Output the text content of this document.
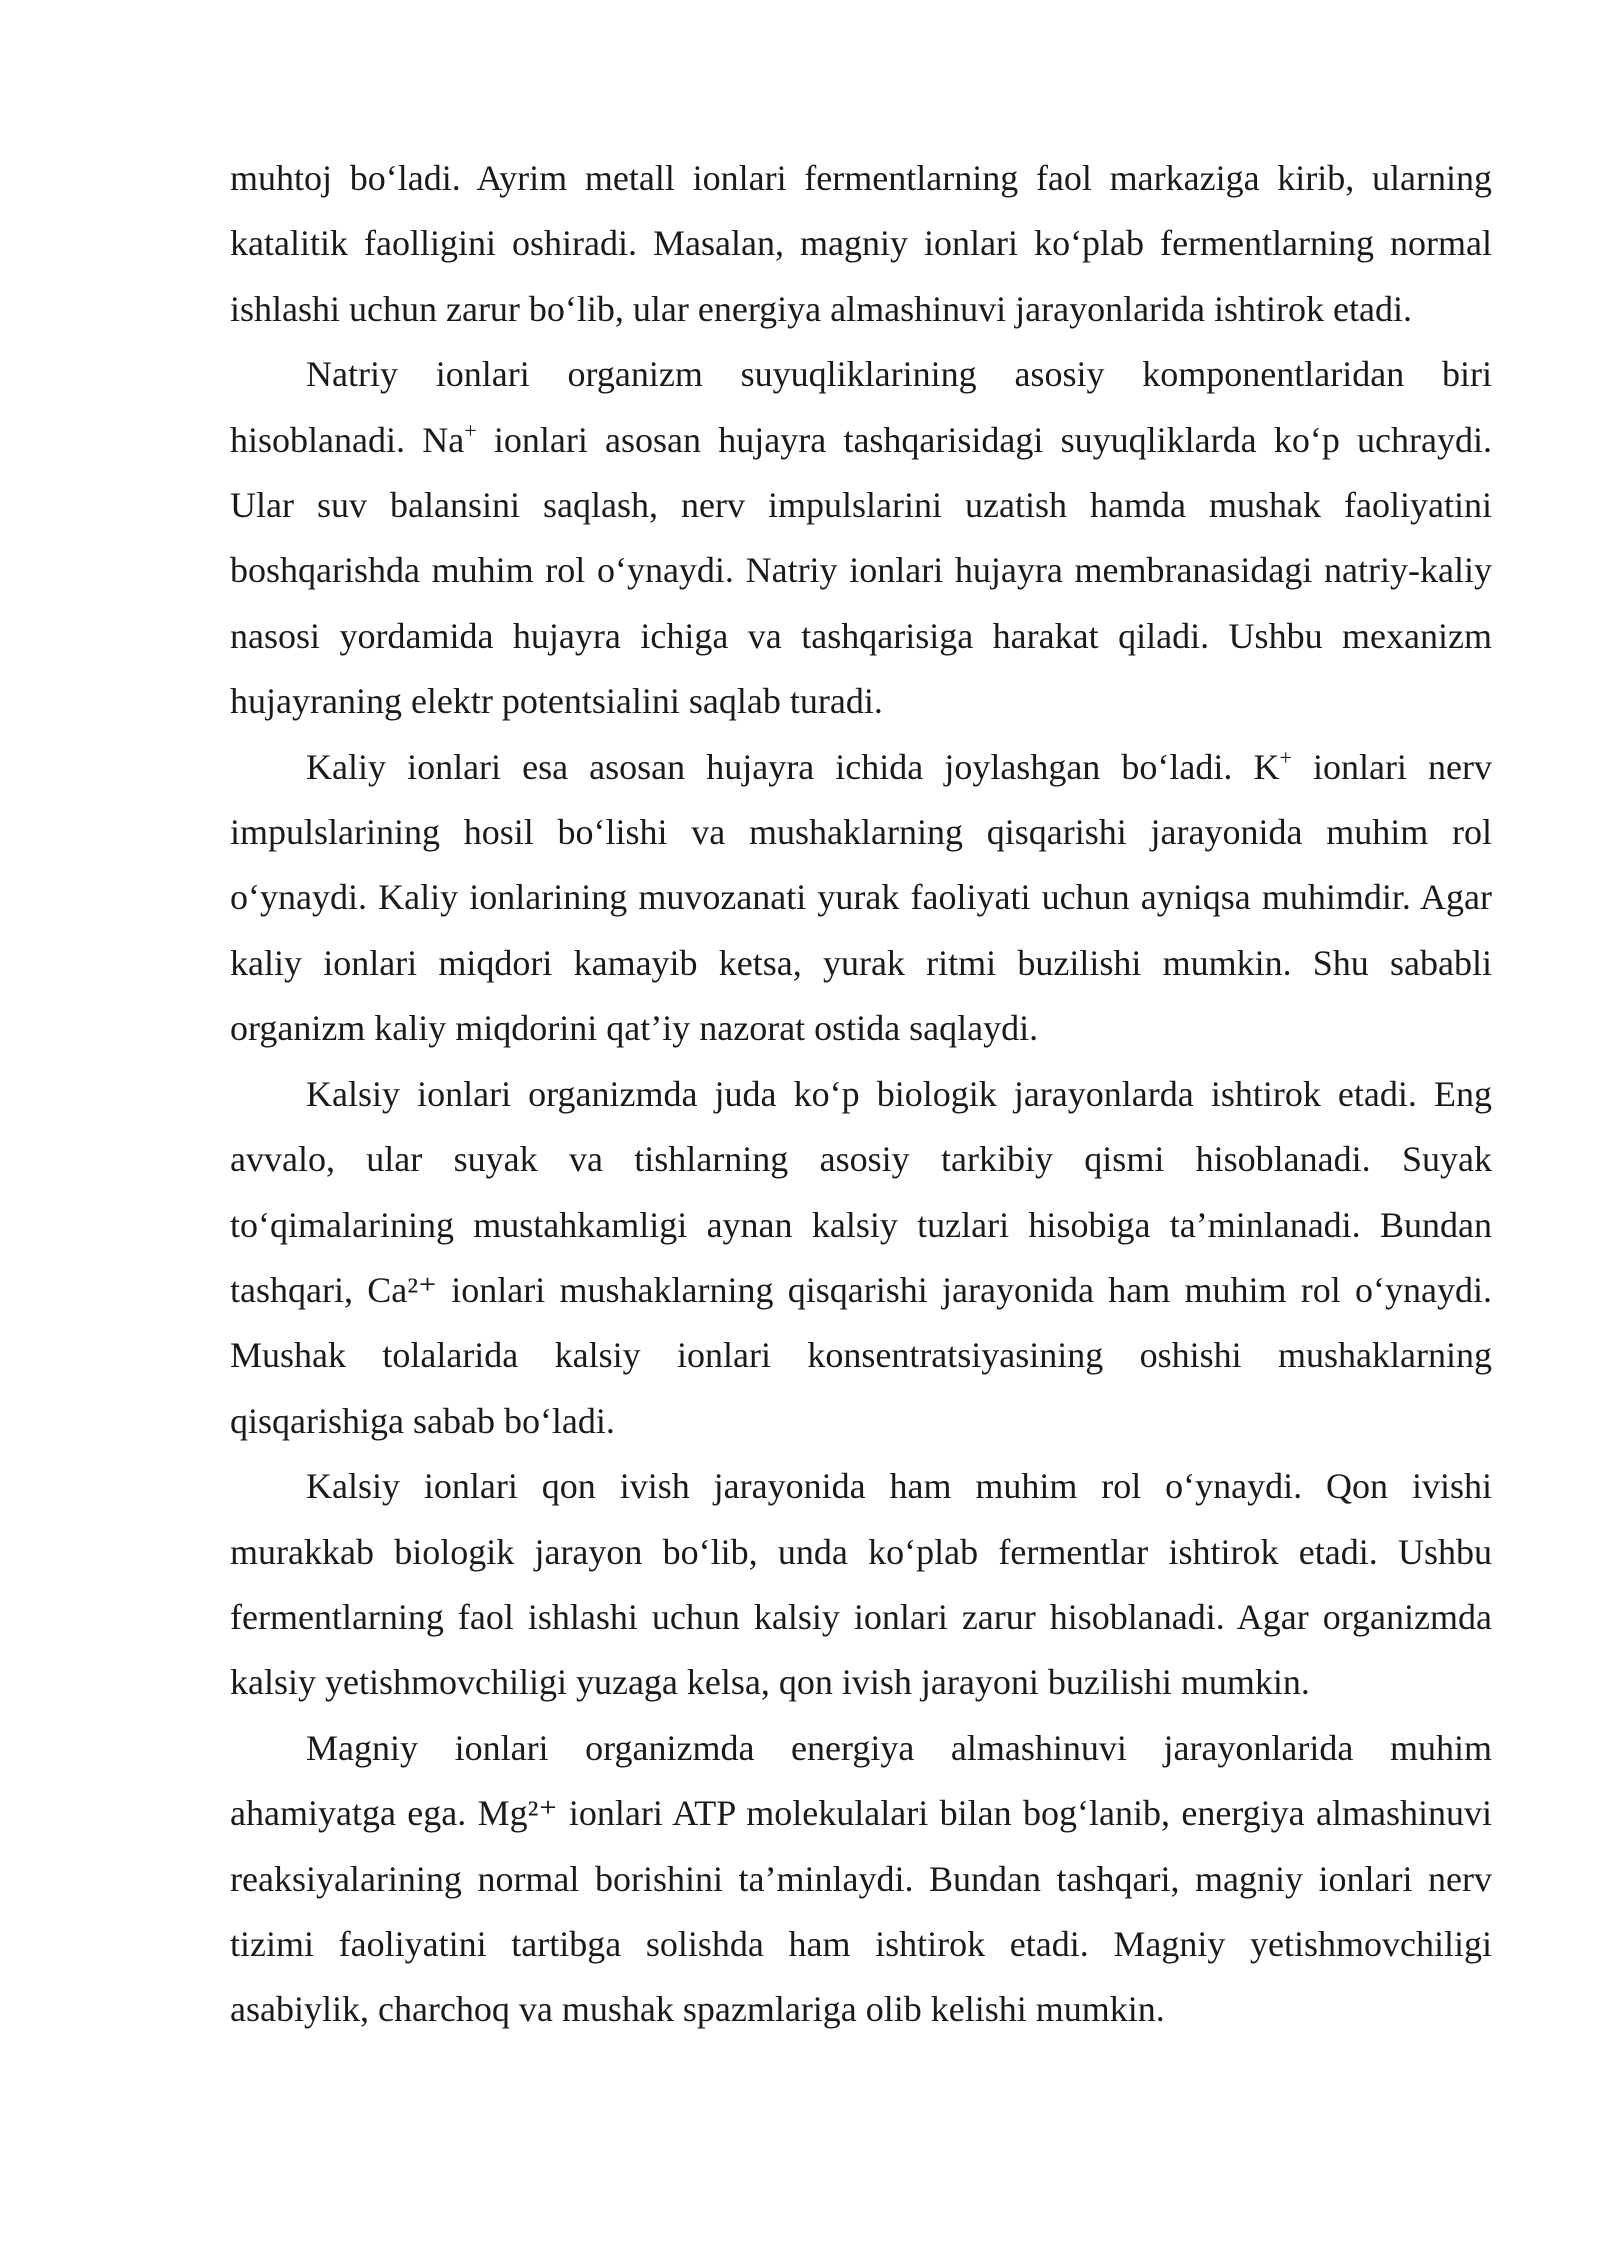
muhtoj bo‘ladi. Ayrim metall ionlari fermentlarning faol markaziga kirib, ularning katalitik faolligini oshiradi. Masalan, magniy ionlari ko‘plab fermentlarning normal ishlashi uchun zarur bo‘lib, ular energiya almashinuvi jarayonlarida ishtirok etadi.

Natriy ionlari organizm suyuqliklarining asosiy komponentlaridan biri hisoblanadi. Na+ ionlari asosan hujayra tashqarisidagi suyuqliklarda ko‘p uchraydi. Ular suv balansini saqlash, nerv impulslarini uzatish hamda mushak faoliyatini boshqarishda muhim rol o‘ynaydi. Natriy ionlari hujayra membranasidagi natriy-kaliy nasosi yordamida hujayra ichiga va tashqarisiga harakat qiladi. Ushbu mexanizm hujayraning elektr potentsialini saqlab turadi.

Kaliy ionlari esa asosan hujayra ichida joylashgan bo‘ladi. K+ ionlari nerv impulslarining hosil bo‘lishi va mushaklarning qisqarishi jarayonida muhim rol o‘ynaydi. Kaliy ionlarining muvozanati yurak faoliyati uchun ayniqsa muhimdir. Agar kaliy ionlari miqdori kamayib ketsa, yurak ritmi buzilishi mumkin. Shu sababli organizm kaliy miqdorini qat’iy nazorat ostida saqlaydi.

Kalsiy ionlari organizmda juda ko‘p biologik jarayonlarda ishtirok etadi. Eng avvalo, ular suyak va tishlarning asosiy tarkibiy qismi hisoblanadi. Suyak to‘qimalarining mustahkamligi aynan kalsiy tuzlari hisobiga ta’minlanadi. Bundan tashqari, Ca²⁺ ionlari mushaklarning qisqarishi jarayonida ham muhim rol o‘ynaydi. Mushak tolalarida kalsiy ionlari konsentratsiyasining oshishi mushaklarning qisqarishiga sabab bo‘ladi.

Kalsiy ionlari qon ivish jarayonida ham muhim rol o‘ynaydi. Qon ivishi murakkab biologik jarayon bo‘lib, unda ko‘plab fermentlar ishtirok etadi. Ushbu fermentlarning faol ishlashi uchun kalsiy ionlari zarur hisoblanadi. Agar organizmda kalsiy yetishmovchiligi yuzaga kelsa, qon ivish jarayoni buzilishi mumkin.

Magniy ionlari organizmda energiya almashinuvi jarayonlarida muhim ahamiyatga ega. Mg²⁺ ionlari ATP molekulalari bilan bog‘lanib, energiya almashinuvi reaksiyalarining normal borishini ta’minlaydi. Bundan tashqari, magniy ionlari nerv tizimi faoliyatini tartibga solishda ham ishtirok etadi. Magniy yetishmovchiligi asabiylik, charchoq va mushak spazmlariga olib kelishi mumkin.
